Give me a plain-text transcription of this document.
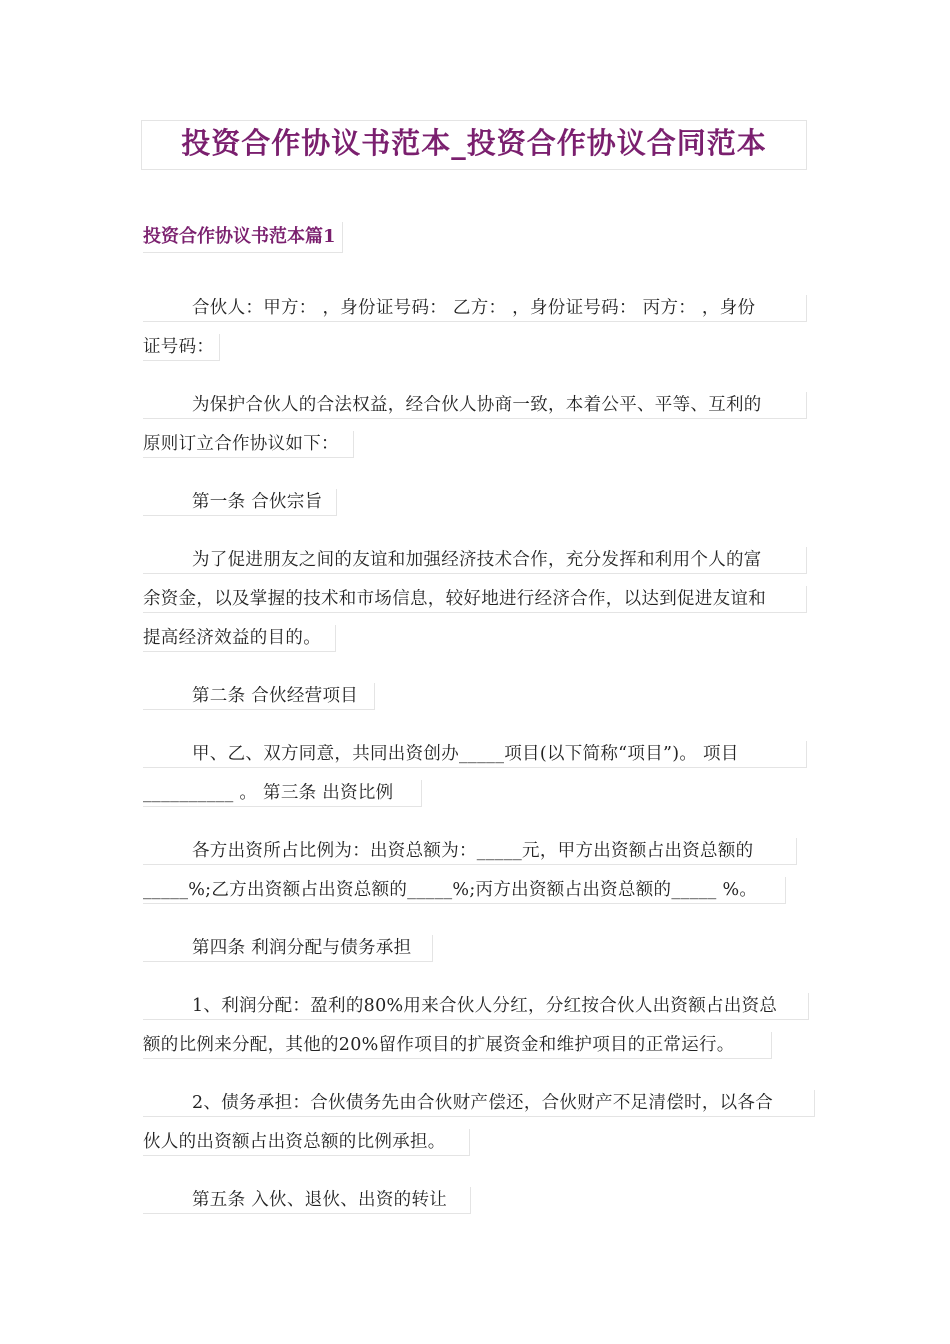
投资合作协议书范本_投资合作协议合同范本
投资合作协议书范本篇1
合伙人：甲方： ，身份证号码： 乙方： ，身份证号码： 丙方： ，身份
证号码：
为保护合伙人的合法权益，经合伙人协商一致，本着公平、平等、互利的
原则订立合作协议如下：
第一条 合伙宗旨
为了促进朋友之间的友谊和加强经济技术合作，充分发挥和利用个人的富
余资金，以及掌握的技术和市场信息，较好地进行经济合作，以达到促进友谊和
提高经济效益的目的。
第二条 合伙经营项目
甲、乙、双方同意，共同出资创办_____项目(以下简称“项目”)。 项目
__________ 。 第三条 出资比例
各方出资所占比例为：出资总额为：_____元，甲方出资额占出资总额的
_____%;乙方出资额占出资总额的_____%;丙方出资额占出资总额的_____ %。
第四条 利润分配与债务承担
1、利润分配：盈利的80%用来合伙人分红，分红按合伙人出资额占出资总
额的比例来分配，其他的20%留作项目的扩展资金和维护项目的正常运行。
2、债务承担：合伙债务先由合伙财产偿还，合伙财产不足清偿时，以各合
伙人的出资额占出资总额的比例承担。
第五条 入伙、退伙、出资的转让
